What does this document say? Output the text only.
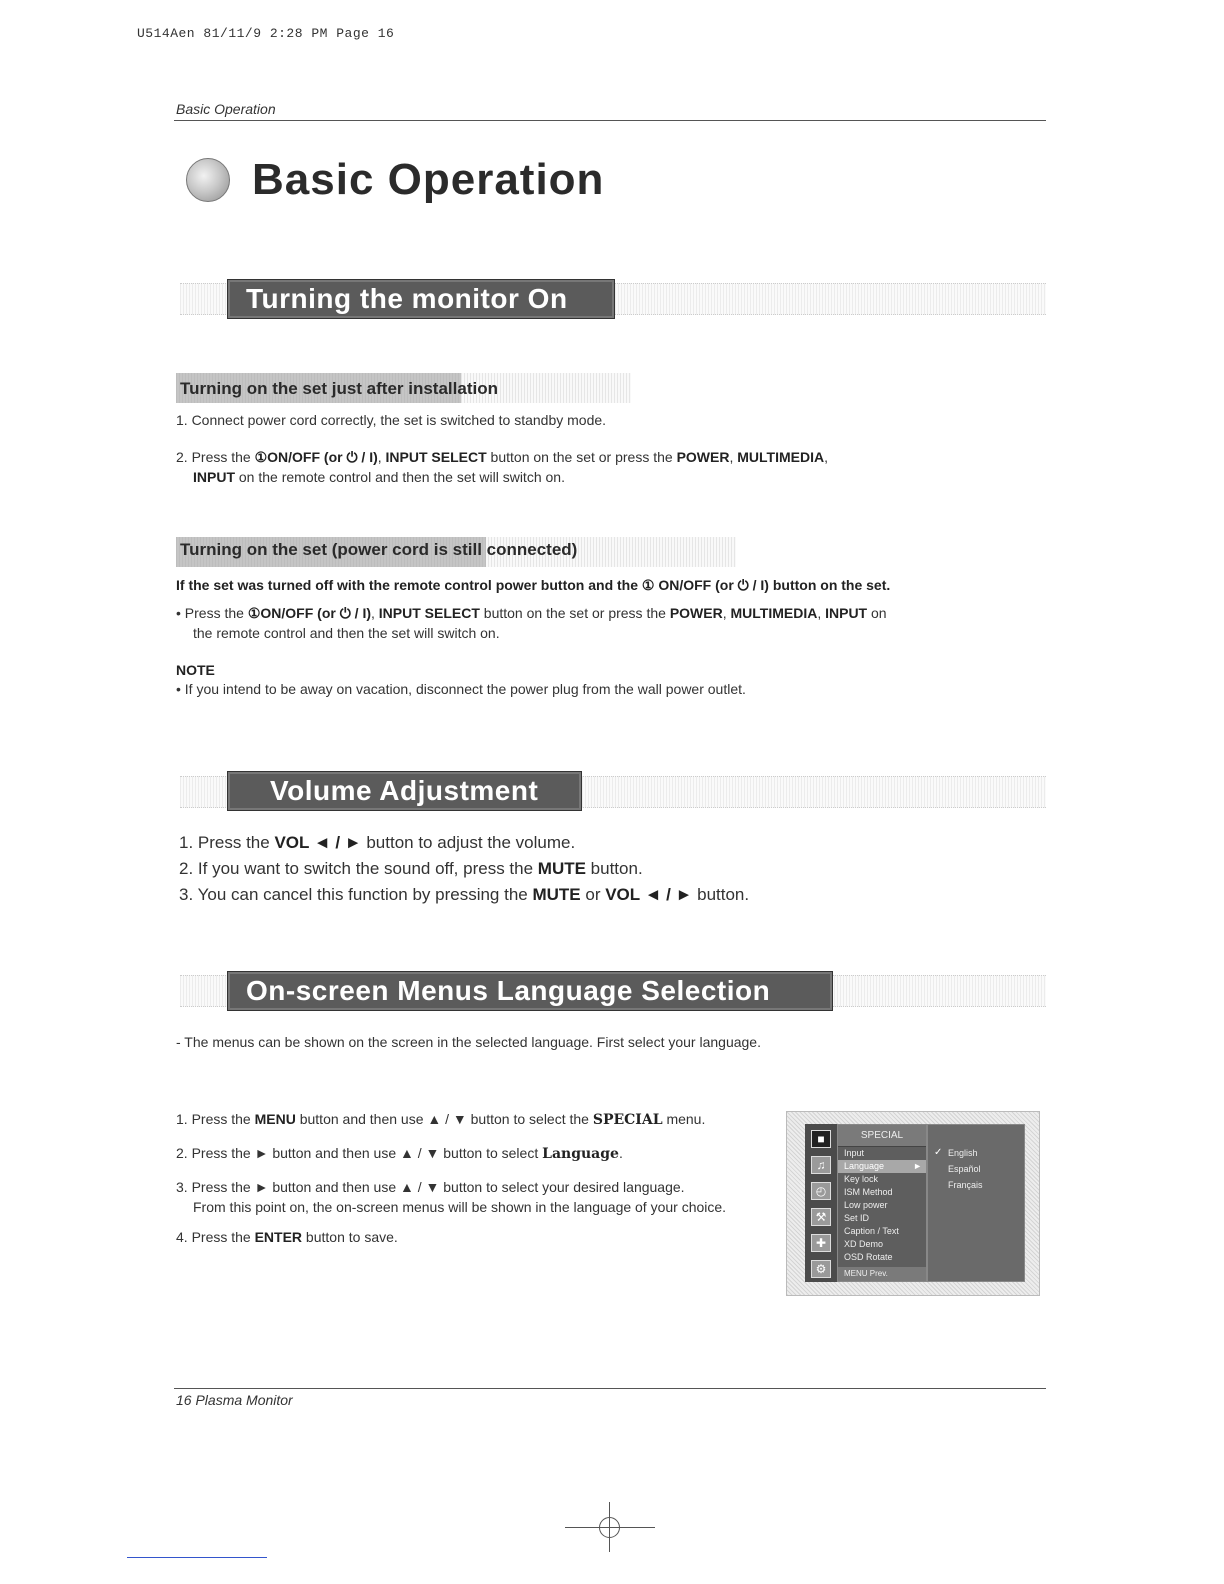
U514Aen 81/11/9 2:28 PM Page 16
Basic Operation
Basic Operation
Turning the monitor On
Turning on the set just after installation
1. Connect power cord correctly, the set is switched to standby mode.
2. Press the ①ON/OFF (or ⏻ / I), INPUT SELECT button on the set or press the POWER, MULTIMEDIA,
INPUT on the remote control and then the set will switch on.
Turning on the set (power cord is still connected)
If the set was turned off with the remote control power button and the ① ON/OFF (or ⏻ / I) button on the set.
• Press the ①ON/OFF (or ⏻ / I), INPUT SELECT button on the set or press the POWER, MULTIMEDIA, INPUT on
the remote control and then the set will switch on.
NOTE
• If you intend to be away on vacation, disconnect the power plug from the wall power outlet.
Volume Adjustment
1. Press the VOL ◄ / ► button to adjust the volume.
2. If you want to switch the sound off, press the MUTE button.
3. You can cancel this function by pressing the MUTE or VOL ◄ / ► button.
On-screen Menus Language Selection
- The menus can be shown on the screen in the selected language. First select your language.
1. Press the MENU button and then use ▲ / ▼ button to select the SPECIAL menu.
2. Press the ► button and then use ▲ / ▼ button to select Language.
3. Press the ► button and then use ▲ / ▼ button to select your desired language.
From this point on, the on-screen menus will be shown in the language of your choice.
4. Press the ENTER button to save.
■
♫
◴
⚒
✚
⚙
SPECIAL
Input
Language	►
Key lock
ISM Method
Low power
Set ID
Caption / Text
XD Demo
OSD Rotate
MENU Prev.
✓ English
Español
Français
16 Plasma Monitor
